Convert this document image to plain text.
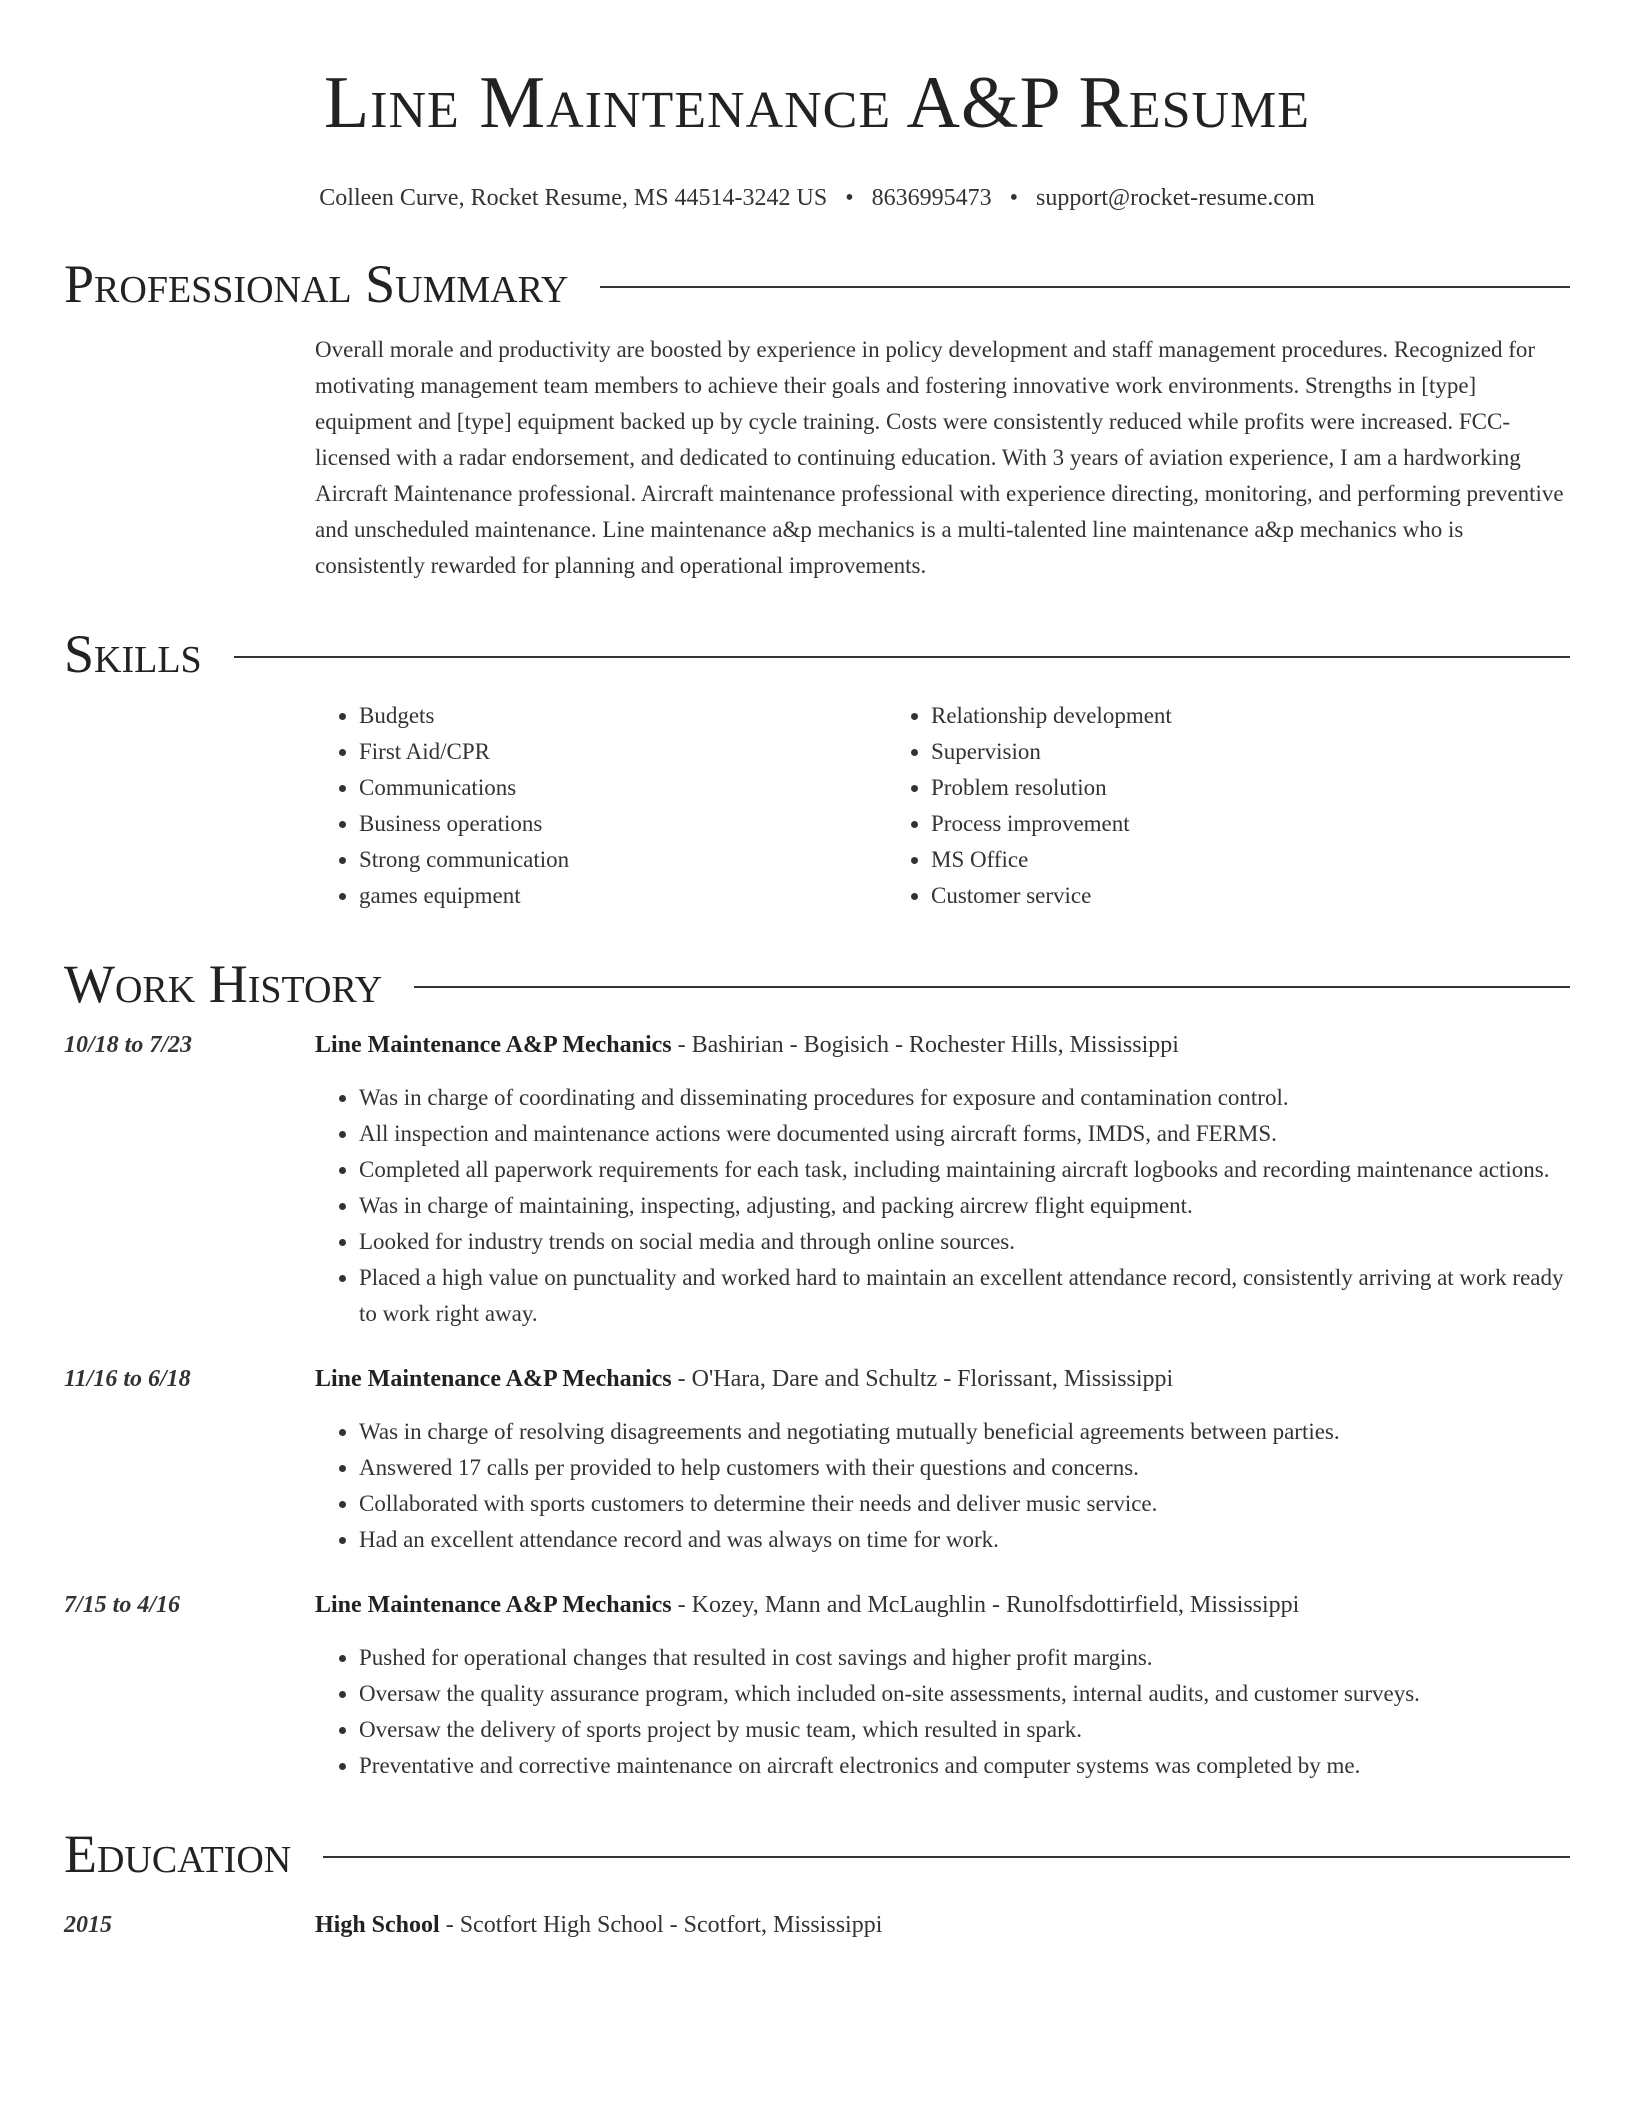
Line Maintenance A&P Resume
Colleen Curve, Rocket Resume, MS 44514-3242 US • 8636995473 • support@rocket-resume.com
Professional Summary
Overall morale and productivity are boosted by experience in policy development and staff management procedures. Recognized for motivating management team members to achieve their goals and fostering innovative work environments. Strengths in [type] equipment and [type] equipment backed up by cycle training. Costs were consistently reduced while profits were increased. FCC-licensed with a radar endorsement, and dedicated to continuing education. With 3 years of aviation experience, I am a hardworking Aircraft Maintenance professional. Aircraft maintenance professional with experience directing, monitoring, and performing preventive and unscheduled maintenance. Line maintenance a&p mechanics is a multi-talented line maintenance a&p mechanics who is consistently rewarded for planning and operational improvements.
Skills
• Budgets
• First Aid/CPR
• Communications
• Business operations
• Strong communication
• games equipment
• Relationship development
• Supervision
• Problem resolution
• Process improvement
• MS Office
• Customer service
Work History
10/18 to 7/23	Line Maintenance A&P Mechanics - Bashirian - Bogisich - Rochester Hills, Mississippi
• Was in charge of coordinating and disseminating procedures for exposure and contamination control.
• All inspection and maintenance actions were documented using aircraft forms, IMDS, and FERMS.
• Completed all paperwork requirements for each task, including maintaining aircraft logbooks and recording maintenance actions.
• Was in charge of maintaining, inspecting, adjusting, and packing aircrew flight equipment.
• Looked for industry trends on social media and through online sources.
• Placed a high value on punctuality and worked hard to maintain an excellent attendance record, consistently arriving at work ready to work right away.
11/16 to 6/18	Line Maintenance A&P Mechanics - O'Hara, Dare and Schultz - Florissant, Mississippi
• Was in charge of resolving disagreements and negotiating mutually beneficial agreements between parties.
• Answered 17 calls per provided to help customers with their questions and concerns.
• Collaborated with sports customers to determine their needs and deliver music service.
• Had an excellent attendance record and was always on time for work.
7/15 to 4/16	Line Maintenance A&P Mechanics - Kozey, Mann and McLaughlin - Runolfsdottirfield, Mississippi
• Pushed for operational changes that resulted in cost savings and higher profit margins.
• Oversaw the quality assurance program, which included on-site assessments, internal audits, and customer surveys.
• Oversaw the delivery of sports project by music team, which resulted in spark.
• Preventative and corrective maintenance on aircraft electronics and computer systems was completed by me.
Education
2015	High School - Scotfort High School - Scotfort, Mississippi
